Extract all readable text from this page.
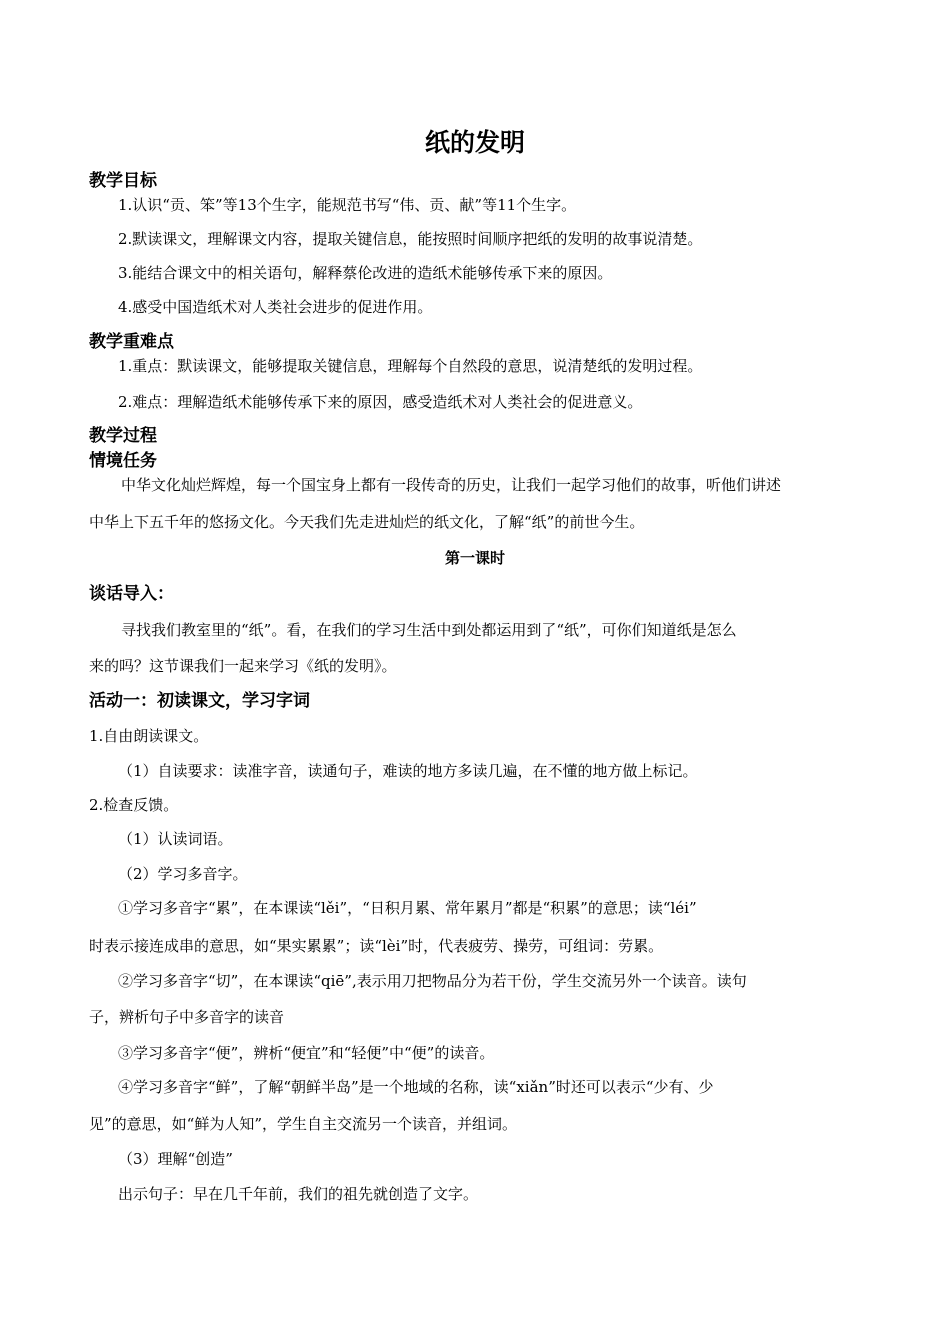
纸的发明
教学目标
1.认识“贡、笨”等13个生字，能规范书写“伟、贡、献”等11个生字。
2.默读课文，理解课文内容，提取关键信息，能按照时间顺序把纸的发明的故事说清楚。
3.能结合课文中的相关语句，解释蔡伦改进的造纸术能够传承下来的原因。
4.感受中国造纸术对人类社会进步的促进作用。
教学重难点
1.重点：默读课文，能够提取关键信息，理解每个自然段的意思，说清楚纸的发明过程。
2.难点：理解造纸术能够传承下来的原因，感受造纸术对人类社会的促进意义。
教学过程
情境任务
中华文化灿烂辉煌，每一个国宝身上都有一段传奇的历史，让我们一起学习他们的故事，听他们讲述
中华上下五千年的悠扬文化。今天我们先走进灿烂的纸文化，了解“纸”的前世今生。
第一课时
谈话导入：
寻找我们教室里的“纸”。看，在我们的学习生活中到处都运用到了“纸”，可你们知道纸是怎么
来的吗？这节课我们一起来学习《纸的发明》。
活动一：初读课文，学习字词
1.自由朗读课文。
（1）自读要求：读准字音，读通句子，难读的地方多读几遍，在不懂的地方做上标记。
2.检查反馈。
（1）认读词语。
（2）学习多音字。
①学习多音字“累”，在本课读“lěi”，“日积月累、常年累月”都是“积累”的意思；读“léi”
时表示接连成串的意思，如“果实累累”；读“lèi”时，代表疲劳、操劳，可组词：劳累。
②学习多音字“切”，在本课读“qiē”,表示用刀把物品分为若干份，学生交流另外一个读音。读句
子，辨析句子中多音字的读音
③学习多音字“便”，辨析“便宜”和“轻便”中“便”的读音。
④学习多音字“鲜”，了解“朝鲜半岛”是一个地域的名称，读“xiǎn”时还可以表示“少有、少
见”的意思，如“鲜为人知”，学生自主交流另一个读音，并组词。
（3）理解“创造”
出示句子：早在几千年前，我们的祖先就创造了文字。
